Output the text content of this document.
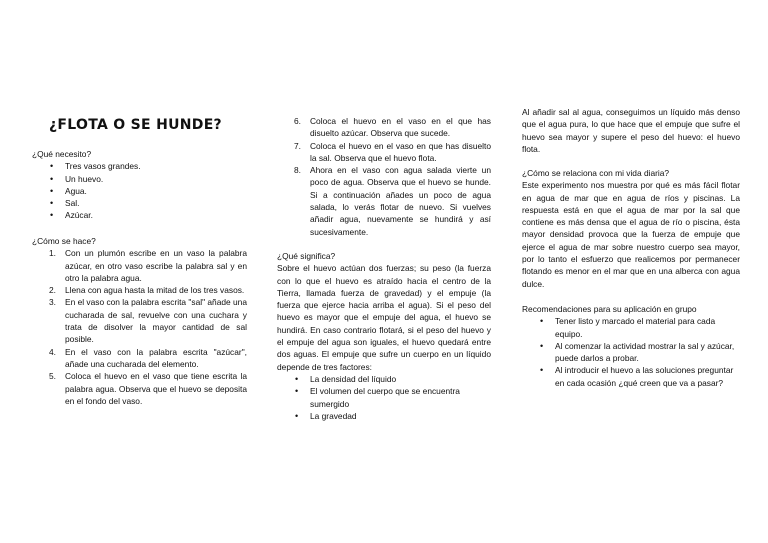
¿FLOTA O SE HUNDE?

¿Qué necesito?

• Tres vasos grandes.
• Un huevo.
• Agua.
• Sal.
• Azúcar.

¿Cómo se hace?

1. Con un plumón escribe en un vaso la palabra azúcar, en otro vaso escribe la palabra sal y en otro la palabra agua.
2. Llena con agua hasta la mitad de los tres vasos.
3. En el vaso con la palabra escrita "sal" añade una cucharada de sal, revuelve con una cuchara y trata de disolver la mayor cantidad de sal posible.
4. En el vaso con la palabra escrita "azúcar", añade una cucharada del elemento.
5. Coloca el huevo en el vaso que tiene escrita la palabra agua. Observa que el huevo se deposita en el fondo del vaso.
6. Coloca el huevo en el vaso en el que has disuelto azúcar. Observa que sucede.
7. Coloca el huevo en el vaso en que has disuelto la sal. Observa que el huevo flota.
8. Ahora en el vaso con agua salada vierte un poco de agua. Observa que el huevo se hunde. Si a continuación añades un poco de agua salada, lo verás flotar de nuevo. Si vuelves añadir agua, nuevamente se hundirá y así sucesivamente.

¿Qué significa?

Sobre el huevo actúan dos fuerzas; su peso (la fuerza con lo que el huevo es atraído hacia el centro de la Tierra, llamada fuerza de gravedad) y el empuje (la fuerza que ejerce hacia arriba el agua). Si el peso del huevo es mayor que el empuje del agua, el huevo se hundirá. En caso contrario flotará, si el peso del huevo y el empuje del agua son iguales, el huevo quedará entre dos aguas. El empuje que sufre un cuerpo en un líquido depende de tres factores:

• La densidad del líquido
• El volumen del cuerpo que se encuentra sumergido
• La gravedad

Al añadir sal al agua, conseguimos un líquido más denso que el agua pura, lo que hace que el empuje que sufre el huevo sea mayor y supere el peso del huevo: el huevo flota.

¿Cómo se relaciona con mi vida diaria?

Este experimento nos muestra por qué es más fácil flotar en agua de mar que en agua de ríos y piscinas. La respuesta está en que el agua de mar por la sal que contiene es más densa que el agua de río o piscina, ésta mayor densidad provoca que la fuerza de empuje que ejerce el agua de mar sobre nuestro cuerpo sea mayor, por lo tanto el esfuerzo que realicemos por permanecer flotando es menor en el mar que en una alberca con agua dulce.

Recomendaciones para su aplicación en grupo

• Tener listo y marcado el material para cada equipo.
• Al comenzar la actividad mostrar la sal y azúcar, puede darlos a probar.
• Al introducir el huevo a las soluciones preguntar en cada ocasión ¿qué creen que va a pasar?
